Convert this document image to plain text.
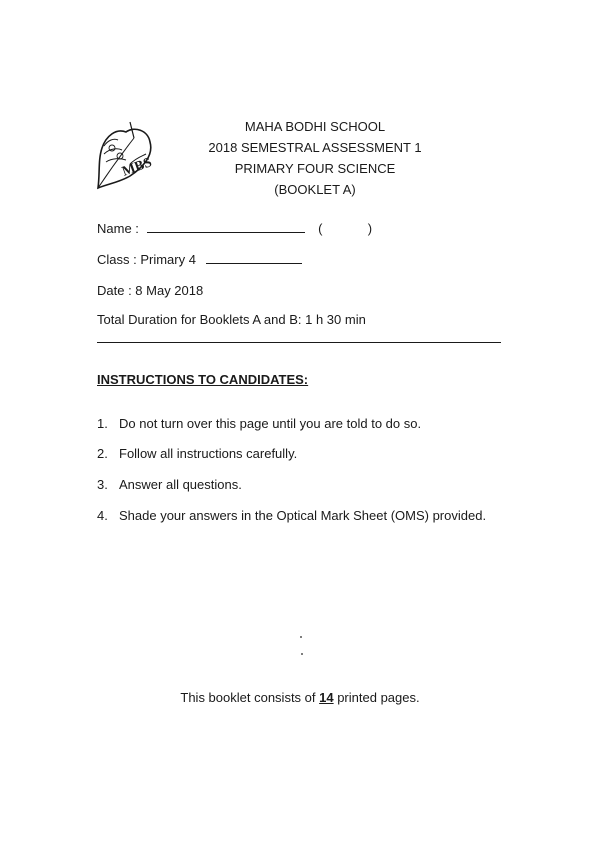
MBS
MAHA BODHI SCHOOL
2018 SEMESTRAL ASSESSMENT 1
PRIMARY FOUR SCIENCE
(BOOKLET A)
Name :	(	)
Class : Primary 4
Date : 8 May 2018
Total Duration for Booklets A and B: 1 h 30 min
INSTRUCTIONS TO CANDIDATES:
1. Do not turn over this page until you are told to do so.
2. Follow all instructions carefully.
3. Answer all questions.
4. Shade your answers in the Optical Mark Sheet (OMS) provided.
This booklet consists of 14 printed pages.
